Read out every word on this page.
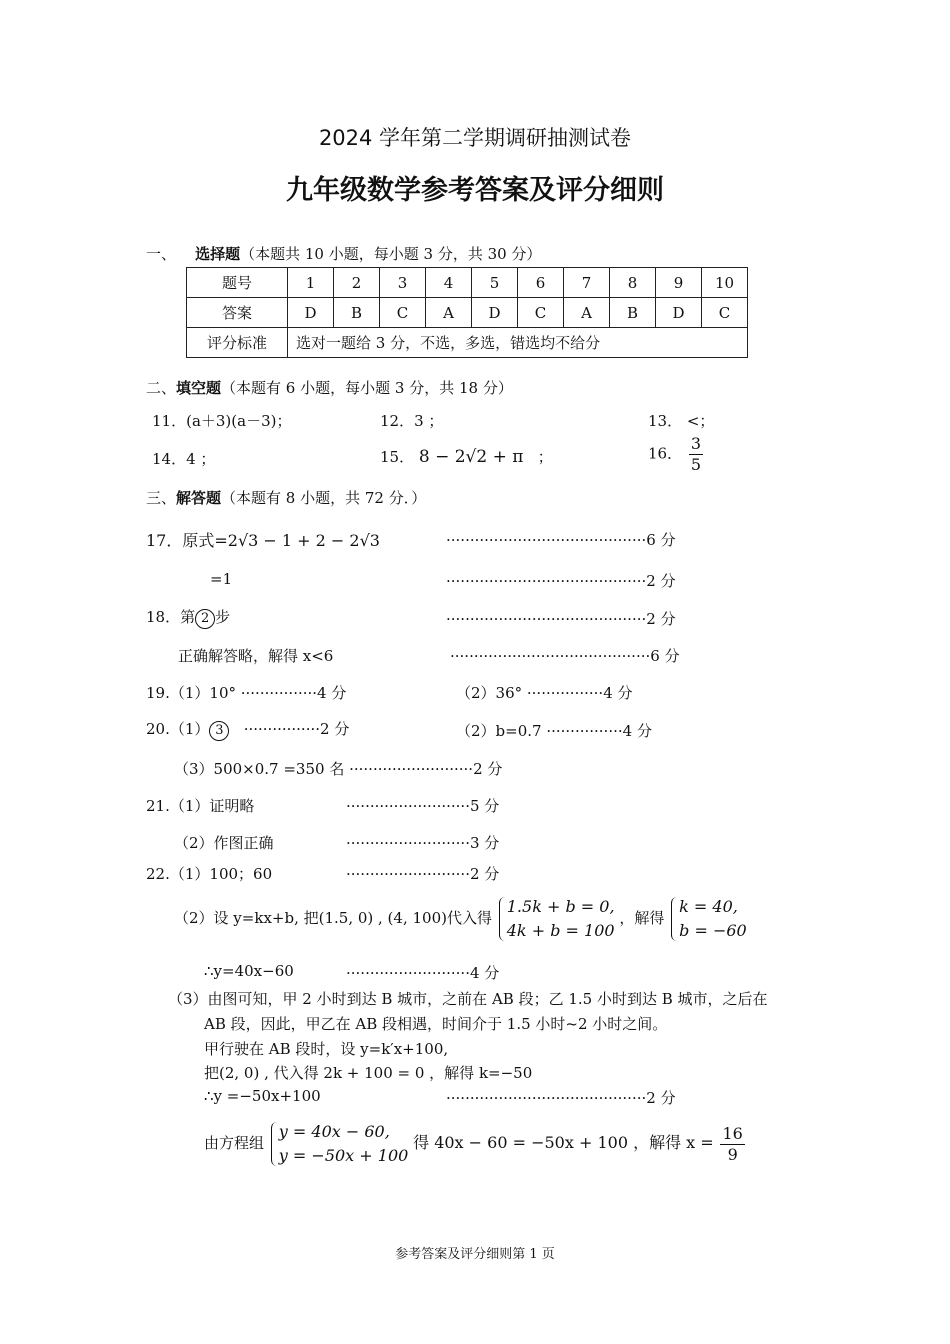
2024 学年第二学期调研抽测试卷
九年级数学参考答案及评分细则
一、 选择题（本题共 10 小题，每小题 3 分，共 30 分）
题号	1	2	3	4	5	6	7	8	9	10
答案	D	B	C	A	D	C	A	B	D	C
评分标准	选对一题给 3 分，不选，多选，错选均不给分									
二、填空题（本题有 6 小题，每小题 3 分，共 18 分）
11．(a＋3)(a－3)；	12．3 ；	13． <；
14．4 ；	15． 8 − 2√2 + π ；	16． $\frac{3}{5}$
三、解答题（本题有 8 小题，共 72 分．）
17．原式=2√3 − 1 + 2 − 2√3	··········································6 分
=1	··········································2 分
18．第 2 步	··········································2 分
正确解答略，解得 x<6	··········································6 分
19.（1）10° ················4 分	（2）36° ················4 分
20.（1） 3 ················2 分	（2）b=0.7 ················4 分
（3）500×0.7 =350 名 ··························2 分
21.（1）证明略	··························5 分
（2）作图正确	··························3 分
22.（1）100；60	··························2 分
（2）设 y=kx+b, 把(1.5, 0) , (4, 100)代入得
1.5k + b = 0,
4k + b = 100
，解得
k = 40,
b = −60
∴y=40x−60	··························4 分
（3）由图可知，甲 2 小时到达 B 城市，之前在 AB 段；乙 1.5 小时到达 B 城市，之后在
AB 段，因此，甲乙在 AB 段相遇，时间介于 1.5 小时~2 小时之间。
甲行驶在 AB 段时，设 y=k′x+100,
把(2, 0) , 代入得 2k + 100 = 0 ，解得 k=−50
∴y =−50x+100	··········································2 分
由方程组
y = 40x − 60,
y = −50x + 100
得 40x − 60 = −50x + 100 ，解得 $x = \frac{16}{9}$
参考答案及评分细则第 1 页
